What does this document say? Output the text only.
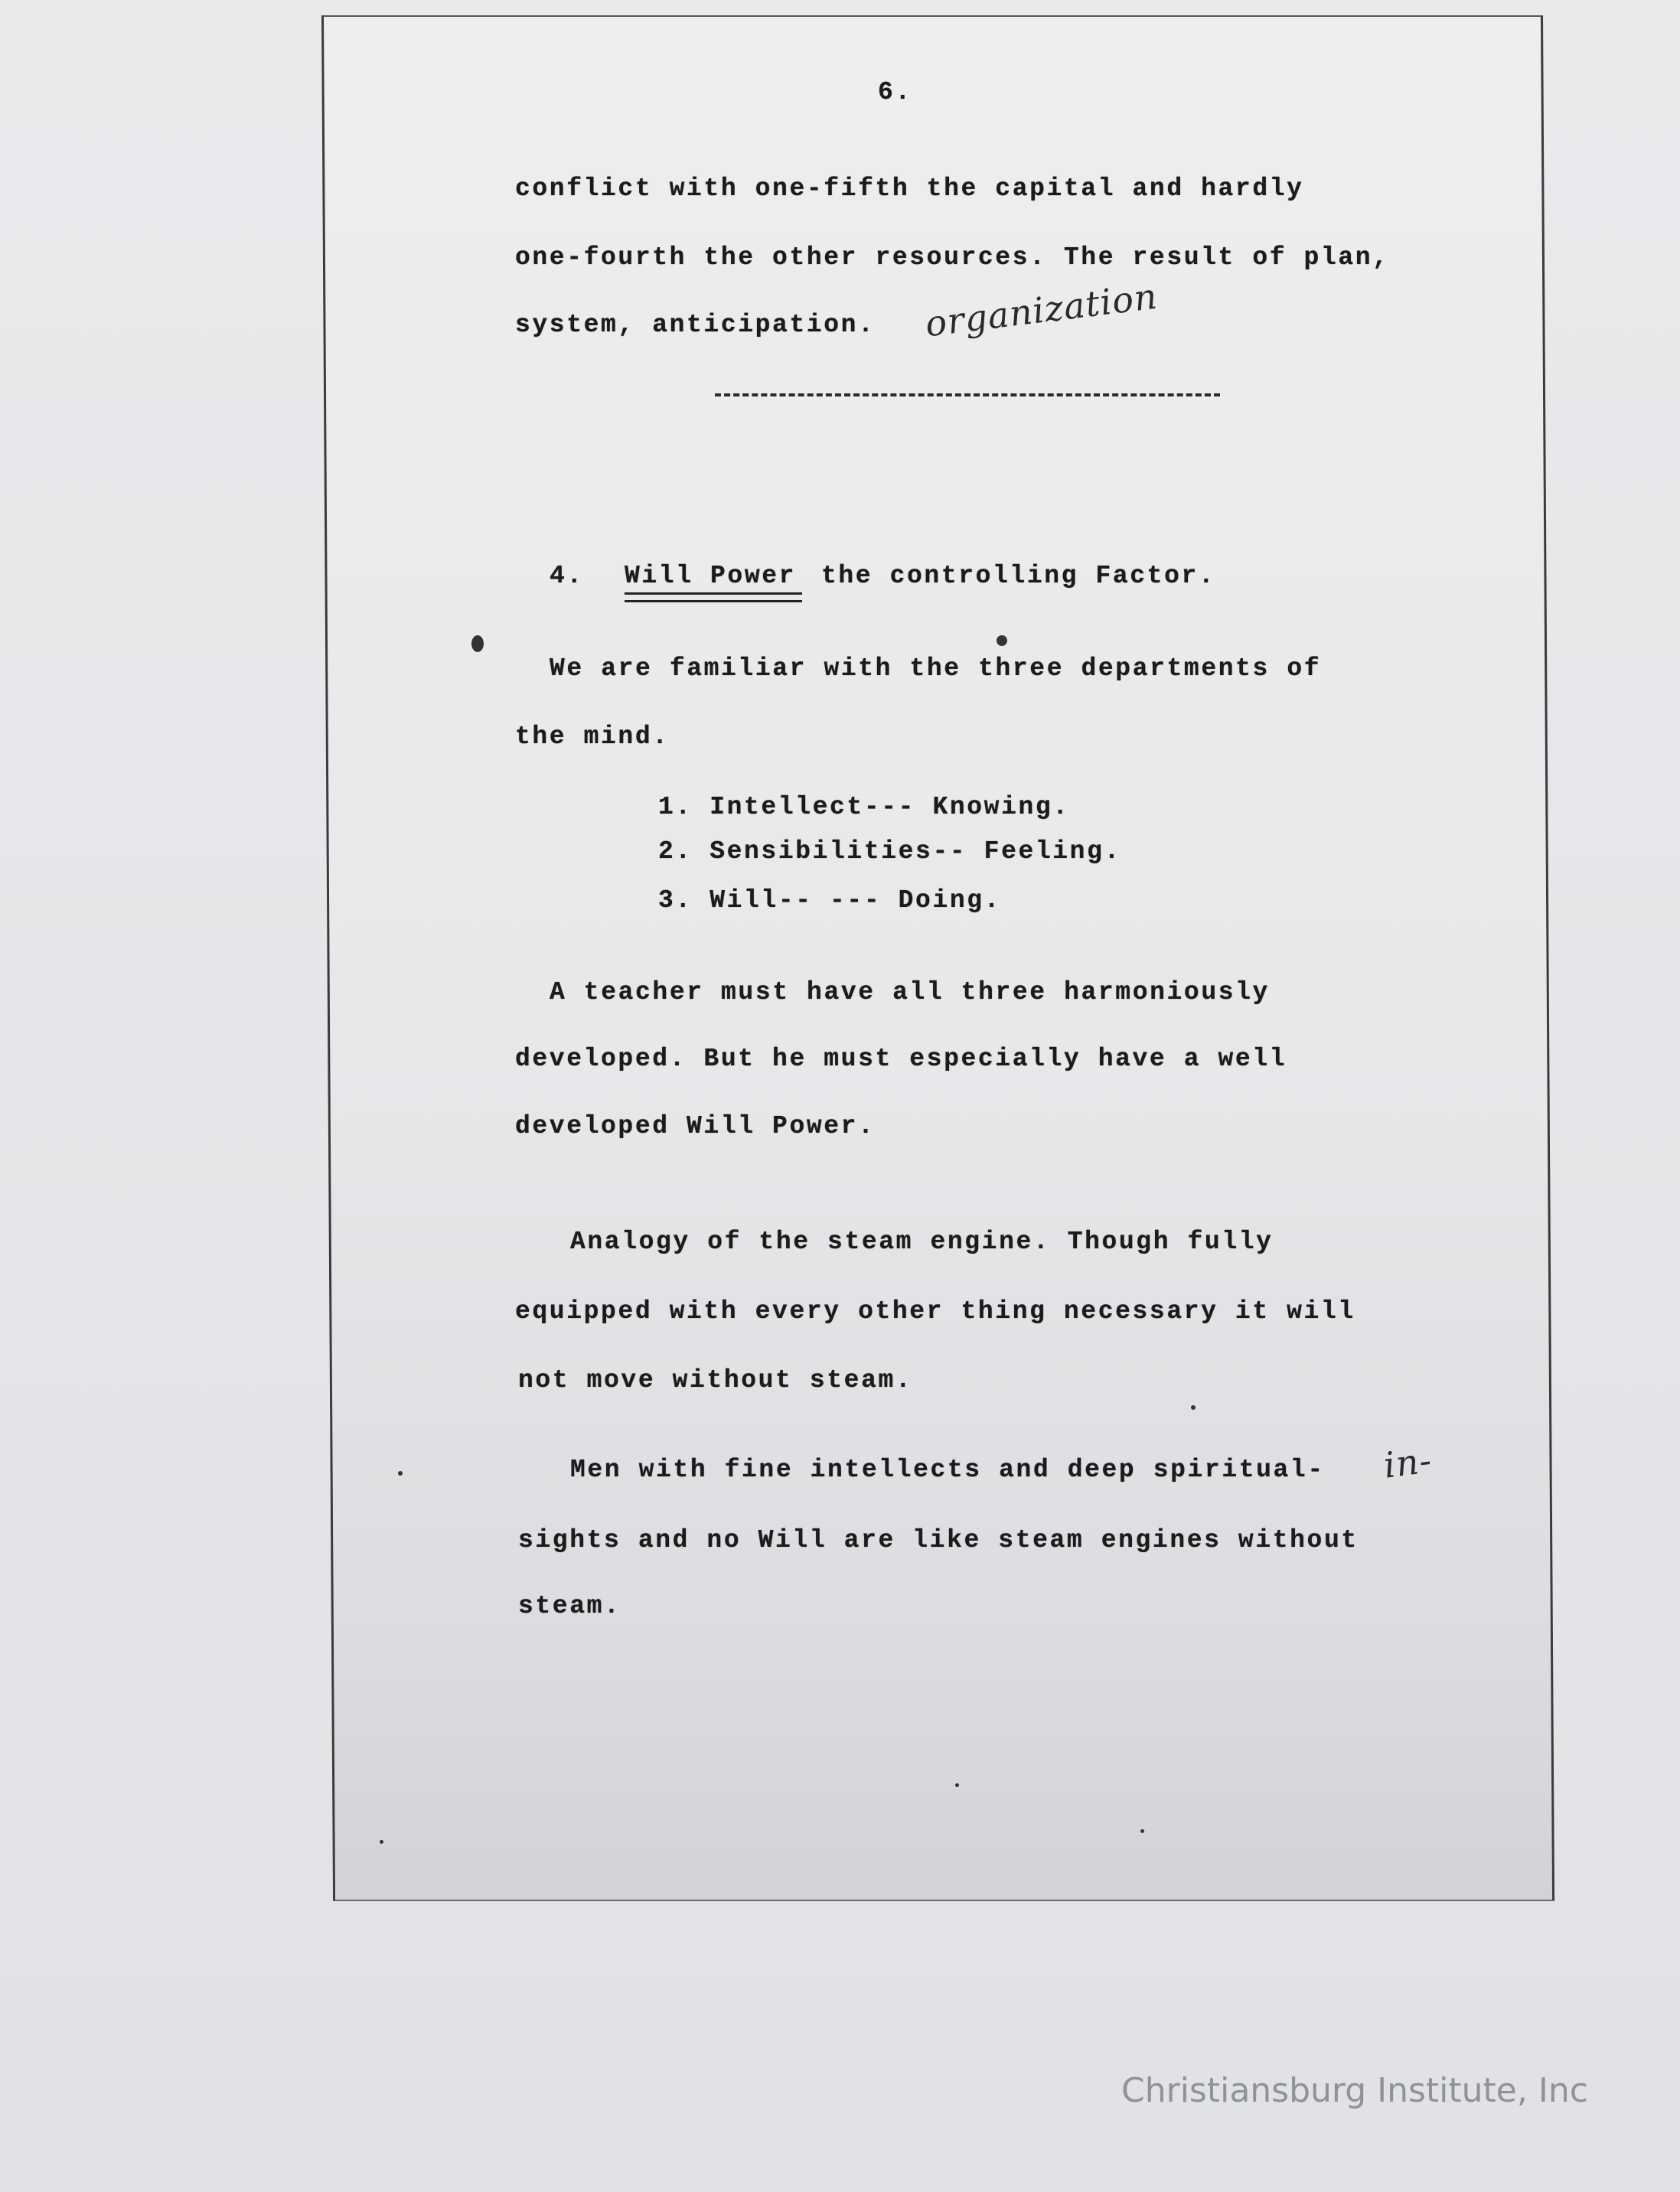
6.
conflict with one-fifth the capital and hardly
one-fourth the other resources. The result of plan,
system, anticipation. organization
4. Will Power the controlling Factor.
We are familiar with the three departments of
the mind.
1. Intellect--- Knowing.
2. Sensibilities-- Feeling.
3. Will-- --- Doing.
A teacher must have all three harmoniously
developed. But he must especially have a well
developed Will Power.
Analogy of the steam engine. Though fully
equipped with every other thing necessary it will
not move without steam.
Men with fine intellects and deep spiritual- in-
sights and no Will are like steam engines without
steam.
Christiansburg Institute, Inc
